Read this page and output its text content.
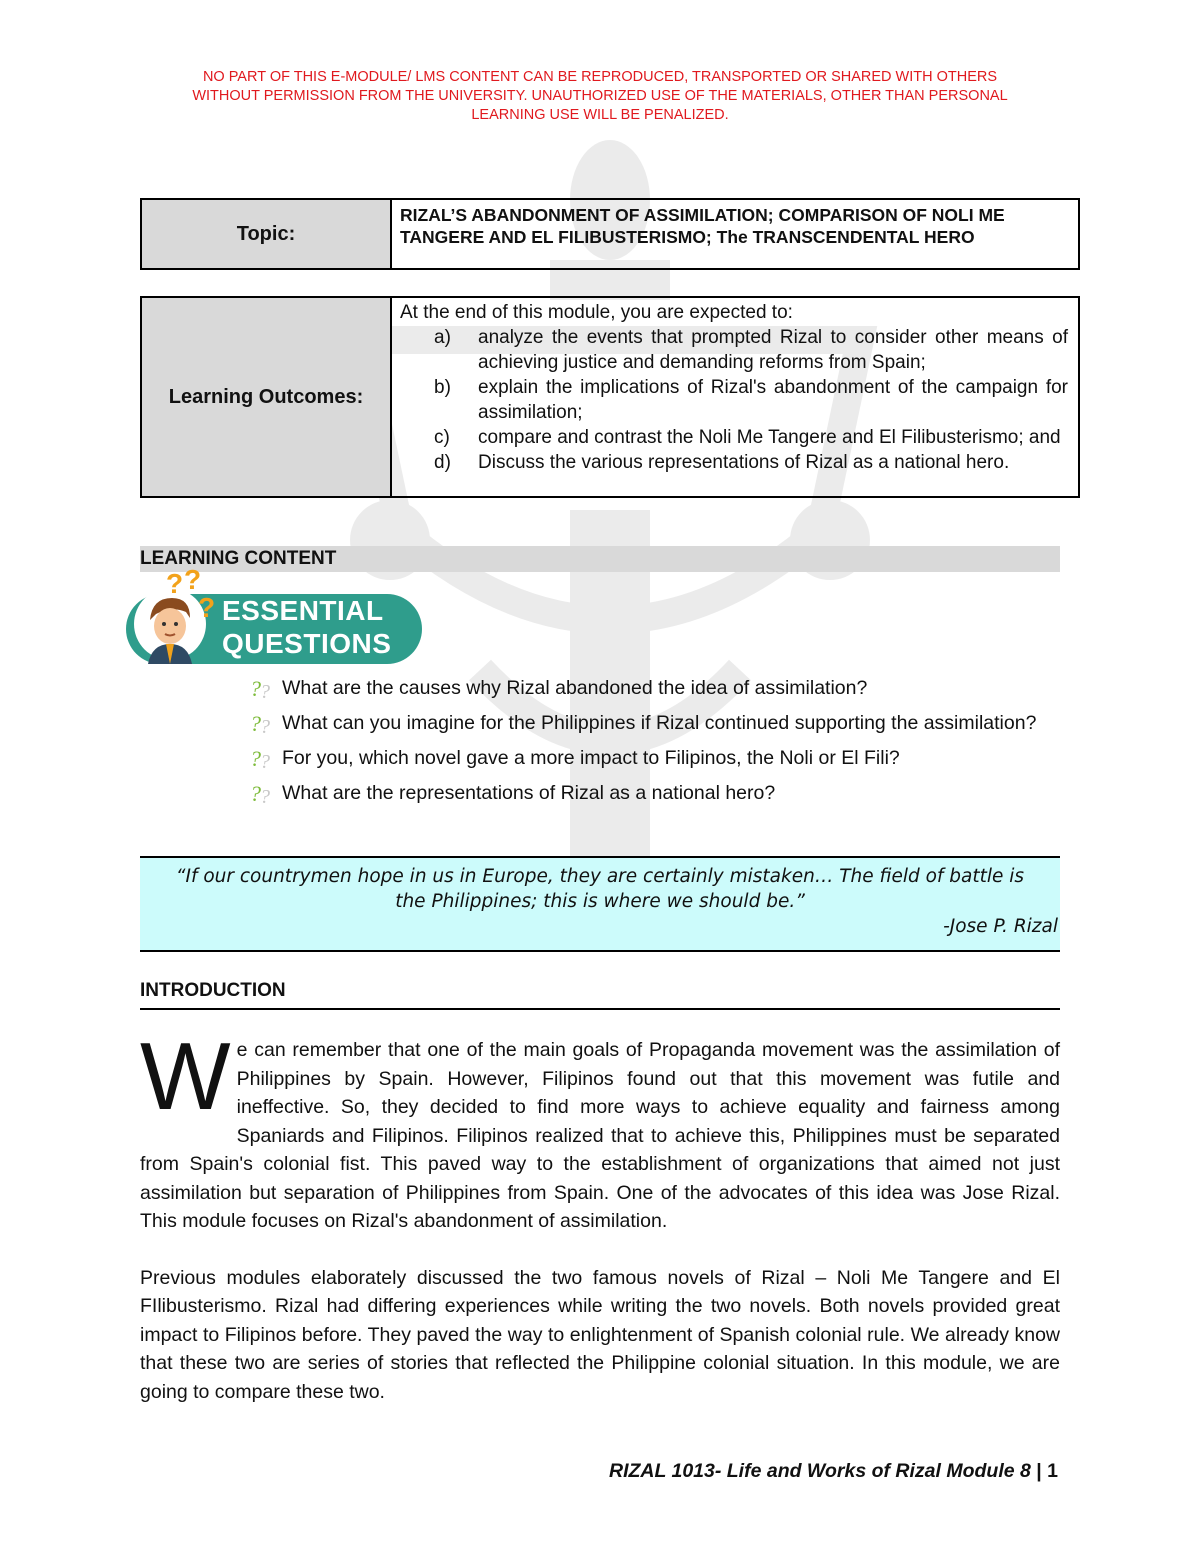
NO PART OF THIS E-MODULE/ LMS CONTENT CAN BE REPRODUCED, TRANSPORTED OR SHARED WITH OTHERS
WITHOUT PERMISSION FROM THE UNIVERSITY. UNAUTHORIZED USE OF THE MATERIALS, OTHER THAN PERSONAL
LEARNING USE WILL BE PENALIZED.
Topic:	RIZAL’S ABANDONMENT OF ASSIMILATION; COMPARISON OF NOLI ME TANGERE AND EL FILIBUSTERISMO; The TRANSCENDENTAL HERO
Learning Outcomes:	
At the end of this module, you are expected to:
a)	analyze the events that prompted Rizal to consider other means of achieving justice and demanding reforms from Spain;
b)	explain the implications of Rizal's abandonment of the campaign for assimilation;
c)	compare and contrast the Noli Me Tangere and El Filibusterismo; and
d)	Discuss the various representations of Rizal as a national hero.
LEARNING CONTENT
? ?
? ESSENTIAL
QUESTIONS
? ? What are the causes why Rizal abandoned the idea of assimilation?
? ? What can you imagine for the Philippines if Rizal continued supporting the assimilation?
? ? For you, which novel gave a more impact to Filipinos, the Noli or El Fili?
? ? What are the representations of Rizal as a national hero?
“If our countrymen hope in us in Europe, they are certainly mistaken… The field of battle is the Philippines; this is where we should be.”
-Jose P. Rizal
INTRODUCTION

We can remember that one of the main goals of Propaganda movement was the assimilation of Philippines by Spain. However, Filipinos found out that this movement was futile and ineffective. So, they decided to find more ways to achieve equality and fairness among Spaniards and Filipinos. Filipinos realized that to achieve this, Philippines must be separated from Spain's colonial fist. This paved way to the establishment of organizations that aimed not just assimilation but separation of Philippines from Spain. One of the advocates of this idea was Jose Rizal. This module focuses on Rizal's abandonment of assimilation.

Previous modules elaborately discussed the two famous novels of Rizal – Noli Me Tangere and El FIlibusterismo. Rizal had differing experiences while writing the two novels. Both novels provided great impact to Filipinos before. They paved the way to enlightenment of Spanish colonial rule. We already know that these two are series of stories that reflected the Philippine colonial situation. In this module, we are going to compare these two.

RIZAL 1013- Life and Works of Rizal Module 8 | 1
